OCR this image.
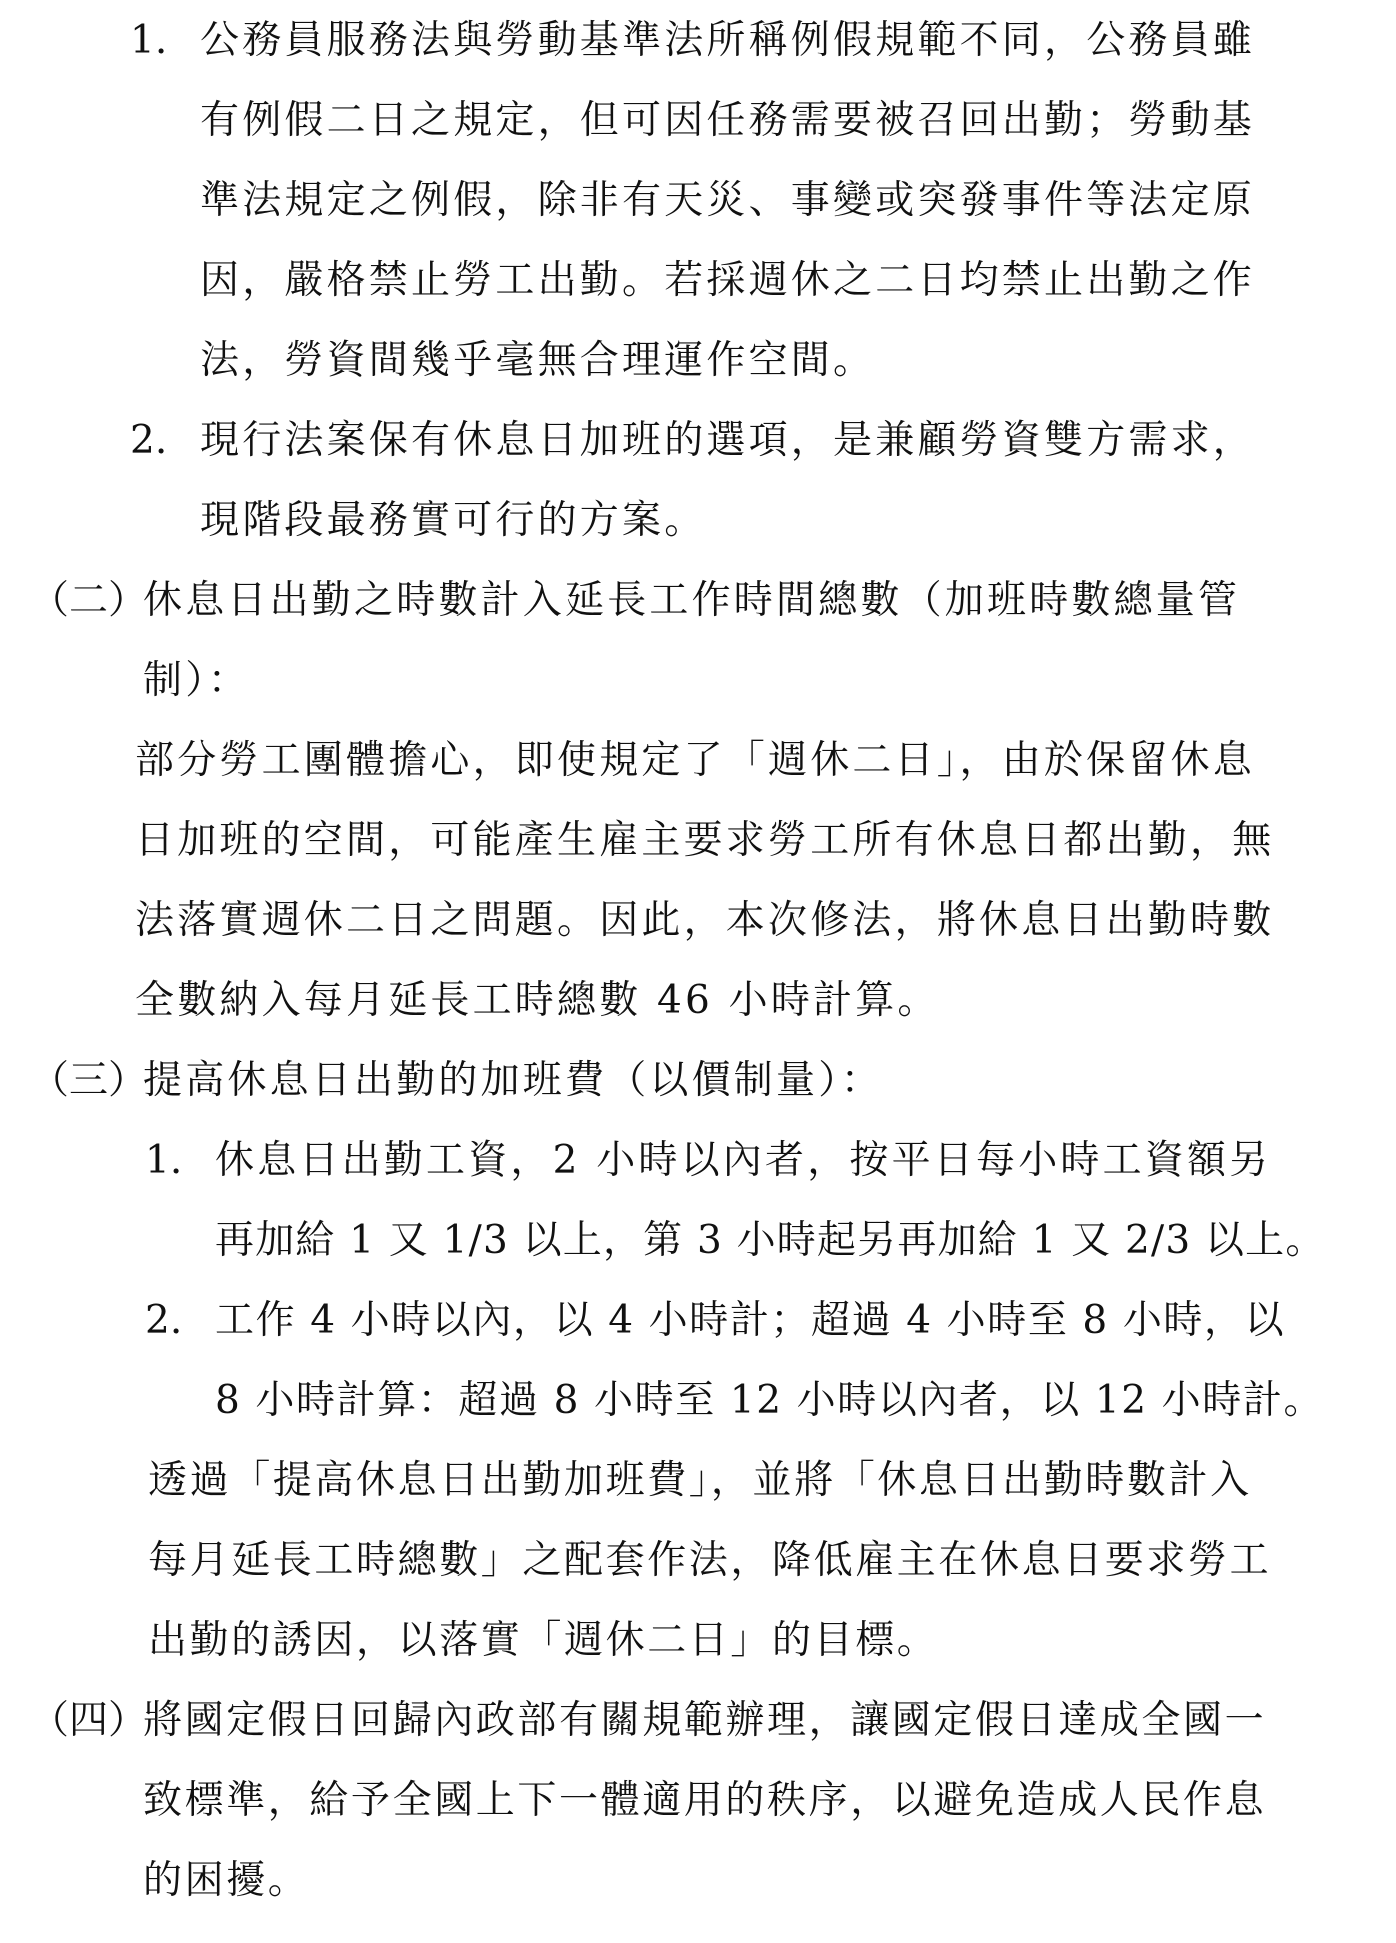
1. 公務員服務法與勞動基準法所稱例假規範不同，公務員雖
有例假二日之規定，但可因任務需要被召回出勤；勞動基
準法規定之例假，除非有天災、事變或突發事件等法定原
因，嚴格禁止勞工出勤。若採週休之二日均禁止出勤之作
法，勞資間幾乎毫無合理運作空間。
2. 現行法案保有休息日加班的選項，是兼顧勞資雙方需求，
現階段最務實可行的方案。
（二）
休息日出勤之時數計入延長工作時間總數（加班時數總量管
制）：
部分勞工團體擔心，即使規定了「週休二日」，由於保留休息
日加班的空間，可能產生雇主要求勞工所有休息日都出勤，無
法落實週休二日之問題。因此，本次修法，將休息日出勤時數
全數納入每月延長工時總數 46 小時計算。
（三）
提高休息日出勤的加班費（以價制量）：
1. 休息日出勤工資，2 小時以內者，按平日每小時工資額另
再加給 1 又 1/3 以上，第 3 小時起另再加給 1 又 2/3 以上。
2. 工作 4 小時以內，以 4 小時計；超過 4 小時至 8 小時，以
8 小時計算：超過 8 小時至 12 小時以內者，以 12 小時計。
透過「提高休息日出勤加班費」，並將「休息日出勤時數計入
每月延長工時總數」之配套作法，降低雇主在休息日要求勞工
出勤的誘因，以落實「週休二日」的目標。
（四）
將國定假日回歸內政部有關規範辦理，讓國定假日達成全國一
致標準，給予全國上下一體適用的秩序，以避免造成人民作息
的困擾。
